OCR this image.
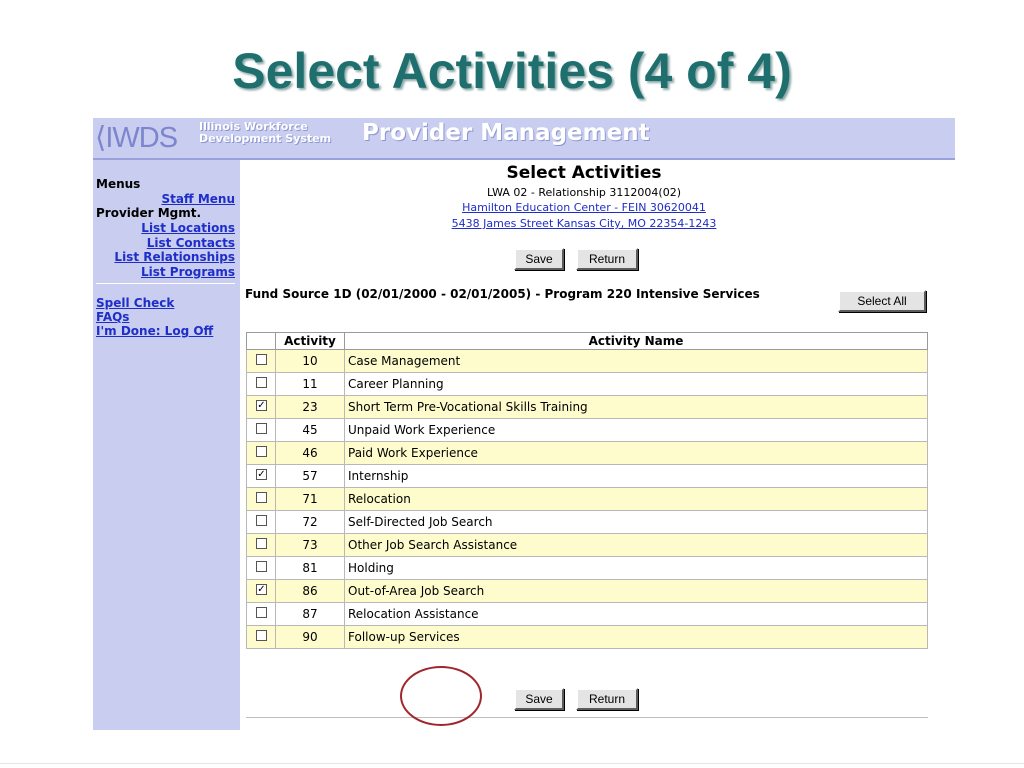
Select Activities (4 of 4)
⟨IWDS Illinois Workforce
Development System Provider Management
Menus
Staff Menu
Provider Mgmt.
List Locations
List Contacts
List Relationships
List Programs
Spell Check
FAQs
I'm Done: Log Off
Select Activities
LWA 02 - Relationship 3112004(02)
Hamilton Education Center - FEIN 30620041
5438 James Street Kansas City, MO 22354-1243
Save	Return
Fund Source 1D (02/01/2000 - 02/01/2005) - Program 220 Intensive Services	Select All
	Activity	Activity Name
	10	Case Management
	11	Career Planning
✓	23	Short Term Pre-Vocational Skills Training
	45	Unpaid Work Experience
	46	Paid Work Experience
✓	57	Internship
	71	Relocation
	72	Self-Directed Job Search
	73	Other Job Search Assistance
	81	Holding
✓	86	Out-of-Area Job Search
	87	Relocation Assistance
	90	Follow-up Services
Save	Return
